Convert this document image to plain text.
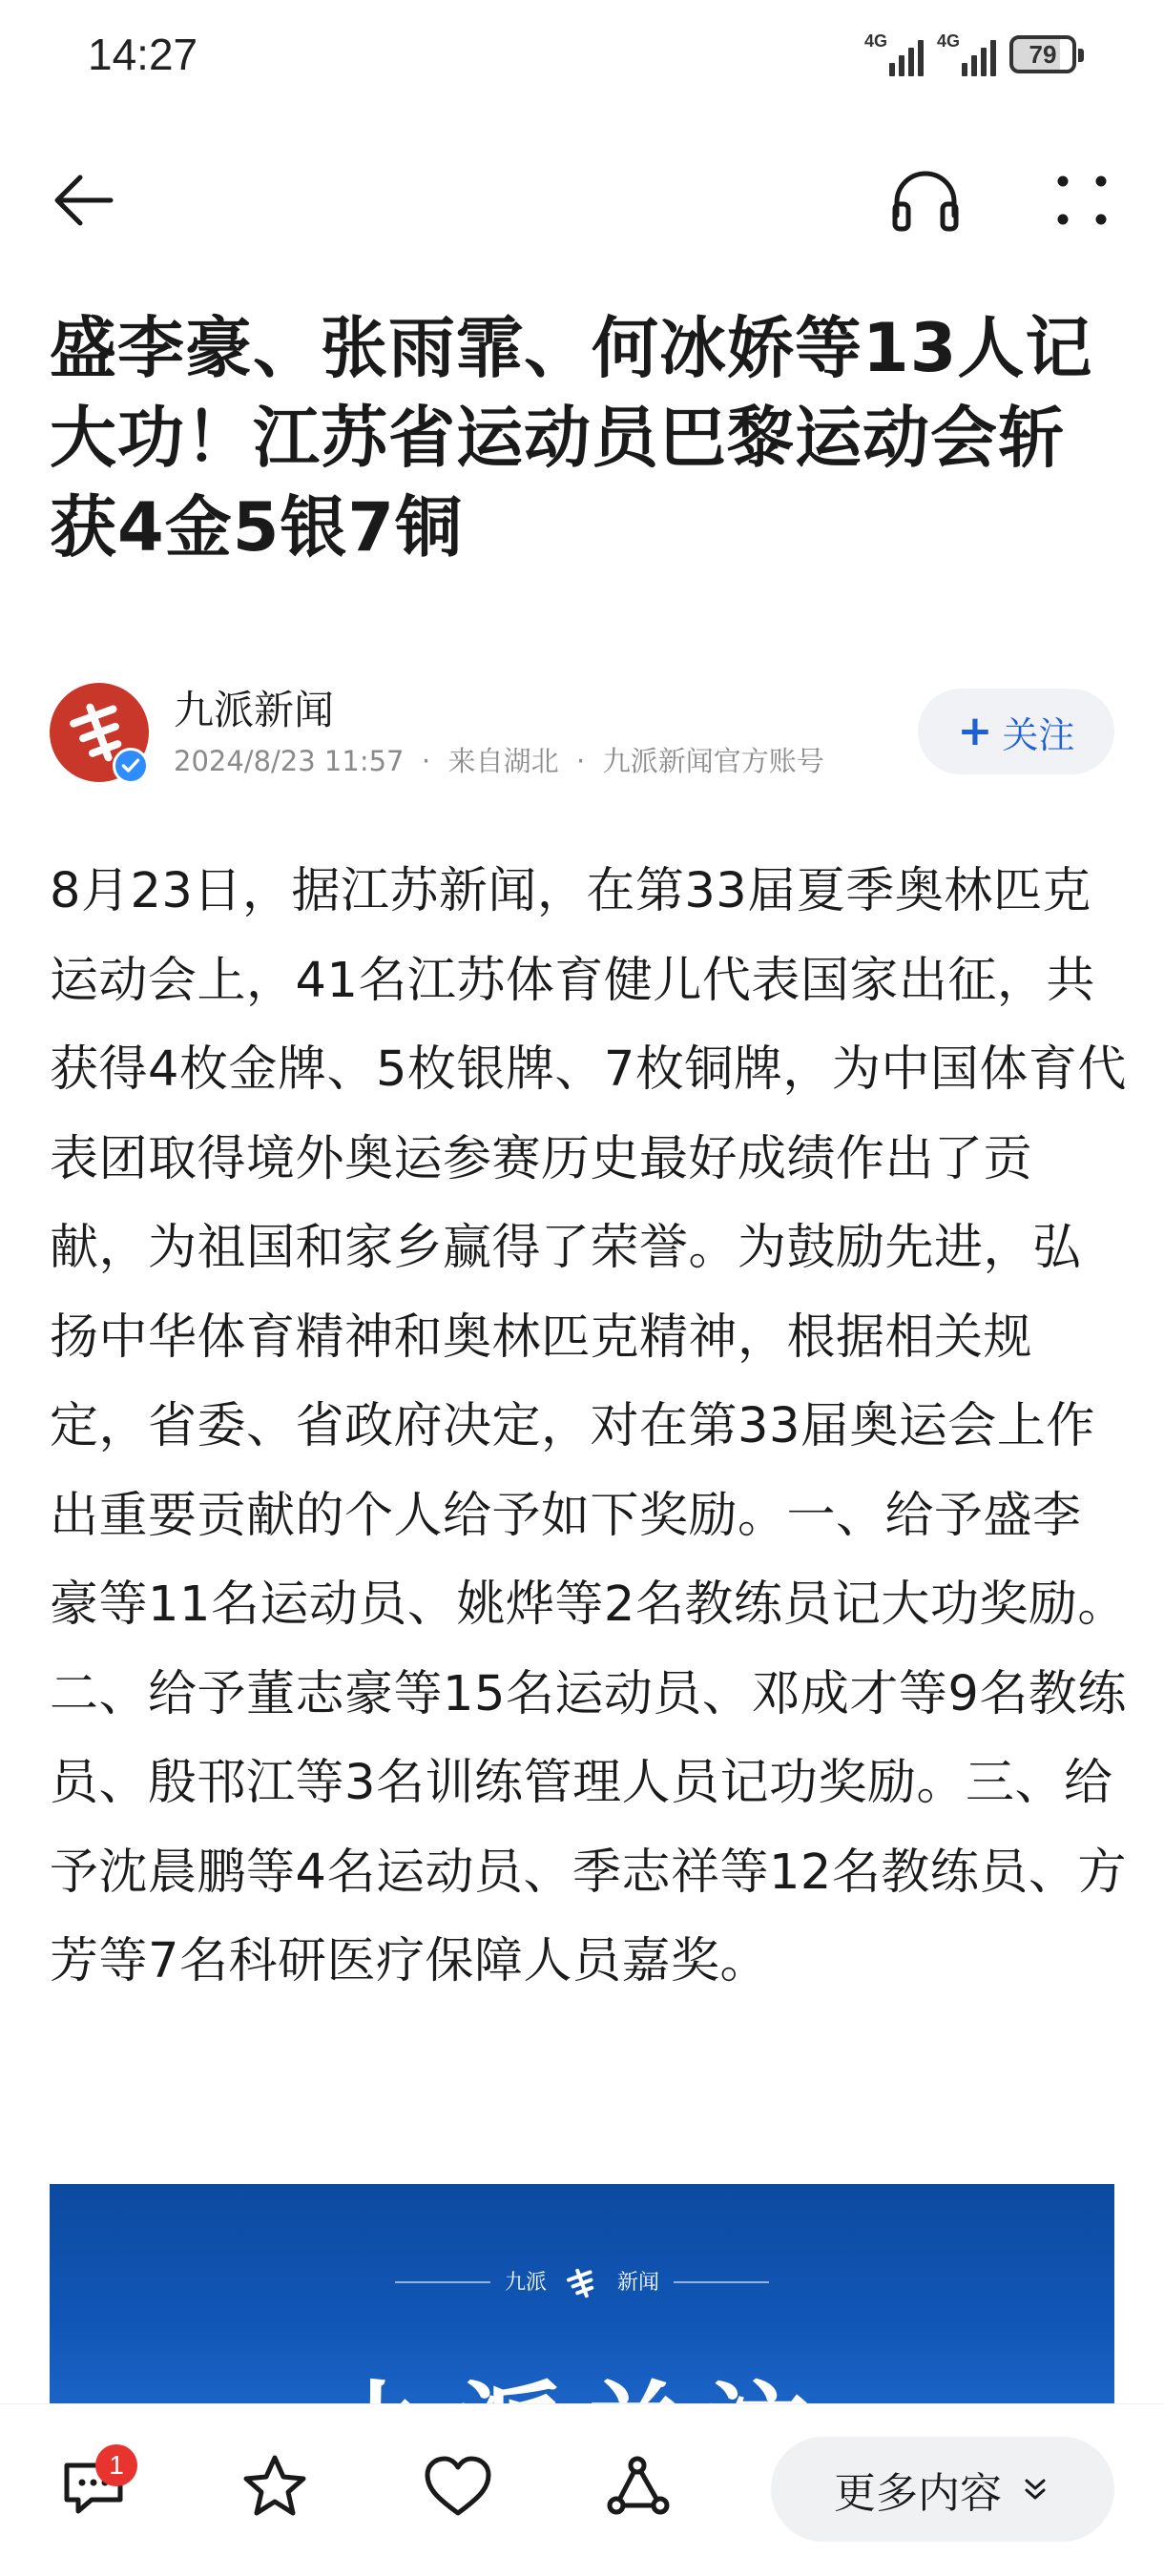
14:27	4G	4G	79
盛李豪、张雨霏、何冰娇等13人记大功！江苏省运动员巴黎运动会斩获4金5银7铜
九派新闻
2024/8/23 11:57 · 来自湖北 · 九派新闻官方账号
+ 关注

8月23日，据江苏新闻，在第33届夏季奥林匹克运动会上，41名江苏体育健儿代表国家出征，共获得4枚金牌、5枚银牌、7枚铜牌，为中国体育代表团取得境外奥运参赛历史最好成绩作出了贡献，为祖国和家乡赢得了荣誉。为鼓励先进，弘扬中华体育精神和奥林匹克精神，根据相关规定，省委、省政府决定，对在第33届奥运会上作出重要贡献的个人给予如下奖励。一、给予盛李豪等11名运动员、姚烨等2名教练员记大功奖励。二、给予董志豪等15名运动员、邓成才等9名教练员、殷邗江等3名训练管理人员记功奖励。三、给予沈晨鹏等4名运动员、季志祥等12名教练员、方芳等7名科研医疗保障人员嘉奖。

九派	新闻
1
更多内容
